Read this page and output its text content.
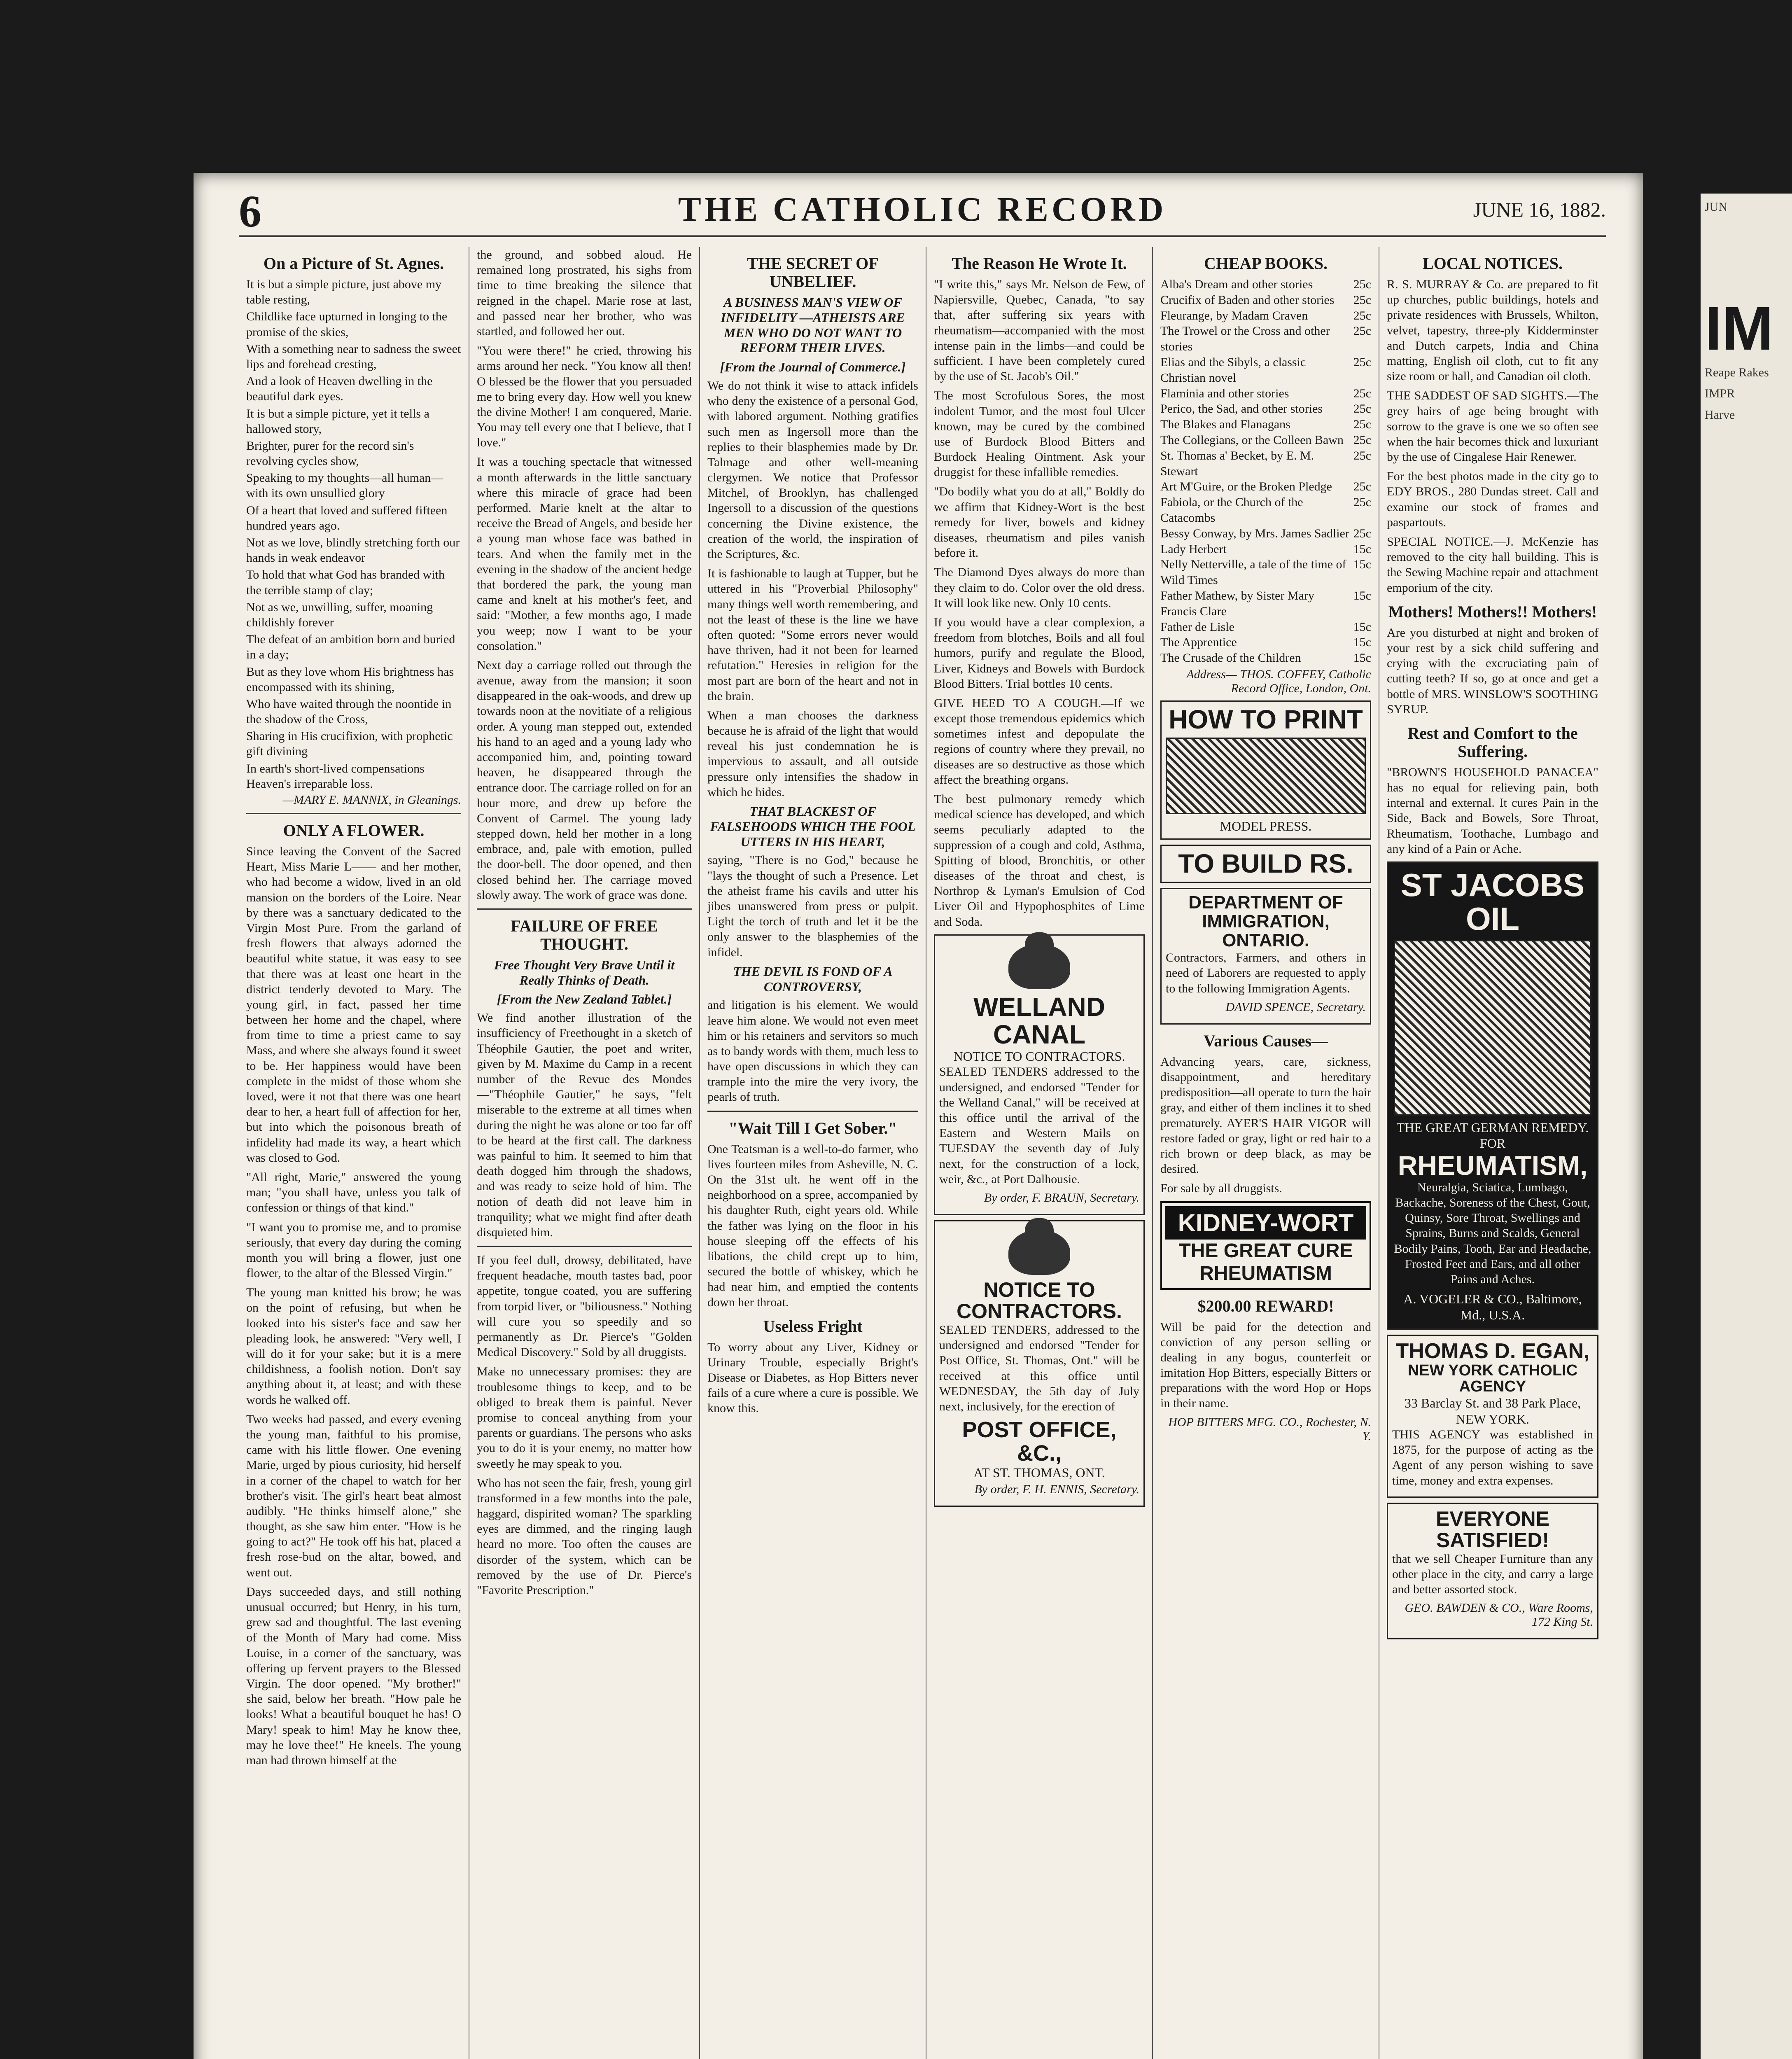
6	THE CATHOLIC RECORD	JUNE 16, 1882.
On a Picture of St. Agnes.

It is but a simple picture, just above my table resting,

Childlike face upturned in longing to the promise of the skies,

With a something near to sadness the sweet lips and forehead cresting,

And a look of Heaven dwelling in the beautiful dark eyes.

It is but a simple picture, yet it tells a hallowed story,

Brighter, purer for the record sin's revolving cycles show,

Speaking to my thoughts—all human—with its own unsullied glory

Of a heart that loved and suffered fifteen hundred years ago.

Not as we love, blindly stretching forth our hands in weak endeavor

To hold that what God has branded with the terrible stamp of clay;

Not as we, unwilling, suffer, moaning childishly forever

The defeat of an ambition born and buried in a day;

But as they love whom His brightness has encompassed with its shining,

Who have waited through the noontide in the shadow of the Cross,

Sharing in His crucifixion, with prophetic gift divining

In earth's short-lived compensations Heaven's irreparable loss.

—MARY E. MANNIX, in Gleanings.
ONLY A FLOWER.

Since leaving the Convent of the Sacred Heart, Miss Marie L—— and her mother, who had become a widow, lived in an old mansion on the borders of the Loire. Near by there was a sanctuary dedicated to the Virgin Most Pure. From the garland of fresh flowers that always adorned the beautiful white statue, it was easy to see that there was at least one heart in the district tenderly devoted to Mary. The young girl, in fact, passed her time between her home and the chapel, where from time to time a priest came to say Mass, and where she always found it sweet to be. Her happiness would have been complete in the midst of those whom she loved, were it not that there was one heart dear to her, a heart full of affection for her, but into which the poisonous breath of infidelity had made its way, a heart which was closed to God.

"All right, Marie," answered the young man; "you shall have, unless you talk of confession or things of that kind."

"I want you to promise me, and to promise seriously, that every day during the coming month you will bring a flower, just one flower, to the altar of the Blessed Virgin."

The young man knitted his brow; he was on the point of refusing, but when he looked into his sister's face and saw her pleading look, he answered: "Very well, I will do it for your sake; but it is a mere childishness, a foolish notion. Don't say anything about it, at least; and with these words he walked off.

Two weeks had passed, and every evening the young man, faithful to his promise, came with his little flower. One evening Marie, urged by pious curiosity, hid herself in a corner of the chapel to watch for her brother's visit. The girl's heart beat almost audibly. "He thinks himself alone," she thought, as she saw him enter. "How is he going to act?" He took off his hat, placed a fresh rose-bud on the altar, bowed, and went out.

Days succeeded days, and still nothing unusual occurred; but Henry, in his turn, grew sad and thoughtful. The last evening of the Month of Mary had come. Miss Louise, in a corner of the sanctuary, was offering up fervent prayers to the Blessed Virgin. The door opened. "My brother!" she said, below her breath. "How pale he looks! What a beautiful bouquet he has! O Mary! speak to him! May he know thee, may he love thee!" He kneels. The young man had thrown himself at the

the ground, and sobbed aloud. He remained long prostrated, his sighs from time to time breaking the silence that reigned in the chapel. Marie rose at last, and passed near her brother, who was startled, and followed her out.

"You were there!" he cried, throwing his arms around her neck. "You know all then! O blessed be the flower that you persuaded me to bring every day. How well you knew the divine Mother! I am conquered, Marie. You may tell every one that I believe, that I love."

It was a touching spectacle that witnessed a month afterwards in the little sanctuary where this miracle of grace had been performed. Marie knelt at the altar to receive the Bread of Angels, and beside her a young man whose face was bathed in tears. And when the family met in the evening in the shadow of the ancient hedge that bordered the park, the young man came and knelt at his mother's feet, and said: "Mother, a few months ago, I made you weep; now I want to be your consolation."

Next day a carriage rolled out through the avenue, away from the mansion; it soon disappeared in the oak-woods, and drew up towards noon at the novitiate of a religious order. A young man stepped out, extended his hand to an aged and a young lady who accompanied him, and, pointing toward heaven, he disappeared through the entrance door. The carriage rolled on for an hour more, and drew up before the Convent of Carmel. The young lady stepped down, held her mother in a long embrace, and, pale with emotion, pulled the door-bell. The door opened, and then closed behind her. The carriage moved slowly away. The work of grace was done.

FAILURE OF FREE THOUGHT.
Free Thought Very Brave Until it Really Thinks of Death.
[From the New Zealand Tablet.]

We find another illustration of the insufficiency of Freethought in a sketch of Théophile Gautier, the poet and writer, given by M. Maxime du Camp in a recent number of the Revue des Mondes—"Théophile Gautier," he says, "felt miserable to the extreme at all times when during the night he was alone or too far off to be heard at the first call. The darkness was painful to him. It seemed to him that death dogged him through the shadows, and was ready to seize hold of him. The notion of death did not leave him in tranquility; what we might find after death disquieted him.

If you feel dull, drowsy, debilitated, have frequent headache, mouth tastes bad, poor appetite, tongue coated, you are suffering from torpid liver, or "biliousness." Nothing will cure you so speedily and so permanently as Dr. Pierce's "Golden Medical Discovery." Sold by all druggists.

Make no unnecessary promises: they are troublesome things to keep, and to be obliged to break them is painful. Never promise to conceal anything from your parents or guardians. The persons who asks you to do it is your enemy, no matter how sweetly he may speak to you.

Who has not seen the fair, fresh, young girl transformed in a few months into the pale, haggard, dispirited woman? The sparkling eyes are dimmed, and the ringing laugh heard no more. Too often the causes are disorder of the system, which can be removed by the use of Dr. Pierce's "Favorite Prescription."

THE SECRET OF UNBELIEF.
A BUSINESS MAN'S VIEW OF INFIDELITY —ATHEISTS ARE MEN WHO DO NOT WANT TO REFORM THEIR LIVES.
[From the Journal of Commerce.]

We do not think it wise to attack infidels who deny the existence of a personal God, with labored argument. Nothing gratifies such men as Ingersoll more than the replies to their blasphemies made by Dr. Talmage and other well-meaning clergymen. We notice that Professor Mitchel, of Brooklyn, has challenged Ingersoll to a discussion of the questions concerning the Divine existence, the creation of the world, the inspiration of the Scriptures, &c.

It is fashionable to laugh at Tupper, but he uttered in his "Proverbial Philosophy" many things well worth remembering, and not the least of these is the line we have often quoted: "Some errors never would have thriven, had it not been for learned refutation." Heresies in religion for the most part are born of the heart and not in the brain.

When a man chooses the darkness because he is afraid of the light that would reveal his just condemnation he is impervious to assault, and all outside pressure only intensifies the shadow in which he hides.

THAT BLACKEST OF FALSEHOODS WHICH THE FOOL UTTERS IN HIS HEART,

saying, "There is no God," because he "lays the thought of such a Presence. Let the atheist frame his cavils and utter his jibes unanswered from press or pulpit. Light the torch of truth and let it be the only answer to the blasphemies of the infidel.

THE DEVIL IS FOND OF A CONTROVERSY,

and litigation is his element. We would leave him alone. We would not even meet him or his retainers and servitors so much as to bandy words with them, much less to have open discussions in which they can trample into the mire the very ivory, the pearls of truth.

"Wait Till I Get Sober."

One Teatsman is a well-to-do farmer, who lives fourteen miles from Asheville, N. C. On the 31st ult. he went off in the neighborhood on a spree, accompanied by his daughter Ruth, eight years old. While the father was lying on the floor in his house sleeping off the effects of his libations, the child crept up to him, secured the bottle of whiskey, which he had near him, and emptied the contents down her throat.

Useless Fright

To worry about any Liver, Kidney or Urinary Trouble, especially Bright's Disease or Diabetes, as Hop Bitters never fails of a cure where a cure is possible. We know this.

The Reason He Wrote It.

"I write this," says Mr. Nelson de Few, of Napiersville, Quebec, Canada, "to say that, after suffering six years with rheumatism—accompanied with the most intense pain in the limbs—and could be sufficient. I have been completely cured by the use of St. Jacob's Oil."

The most Scrofulous Sores, the most indolent Tumor, and the most foul Ulcer known, may be cured by the combined use of Burdock Blood Bitters and Burdock Healing Ointment. Ask your druggist for these infallible remedies.

"Do bodily what you do at all," Boldly do we affirm that Kidney-Wort is the best remedy for liver, bowels and kidney diseases, rheumatism and piles vanish before it.

The Diamond Dyes always do more than they claim to do. Color over the old dress. It will look like new. Only 10 cents.

If you would have a clear complexion, a freedom from blotches, Boils and all foul humors, purify and regulate the Blood, Liver, Kidneys and Bowels with Burdock Blood Bitters. Trial bottles 10 cents.

GIVE HEED TO A COUGH.—If we except those tremendous epidemics which sometimes infest and depopulate the regions of country where they prevail, no diseases are so destructive as those which affect the breathing organs.

The best pulmonary remedy which medical science has developed, and which seems peculiarly adapted to the suppression of a cough and cold, Asthma, Spitting of blood, Bronchitis, or other diseases of the throat and chest, is Northrop & Lyman's Emulsion of Cod Liver Oil and Hypophosphites of Lime and Soda.

WELLAND CANAL
NOTICE TO CONTRACTORS.

SEALED TENDERS addressed to the undersigned, and endorsed "Tender for the Welland Canal," will be received at this office until the arrival of the Eastern and Western Mails on TUESDAY the seventh day of July next, for the construction of a lock, weir, &c., at Port Dalhousie.

By order, F. BRAUN, Secretary.
NOTICE TO CONTRACTORS.

SEALED TENDERS, addressed to the undersigned and endorsed "Tender for Post Office, St. Thomas, Ont." will be received at this office until WEDNESDAY, the 5th day of July next, inclusively, for the erection of

POST OFFICE, &C.,
AT ST. THOMAS, ONT.
By order, F. H. ENNIS, Secretary.
CHEAP BOOKS.
Alba's Dream and other stories	25c
Crucifix of Baden and other stories 25c
Fleurange, by Madam Craven	25c
The Trowel or the Cross and other stories
25c
Elias and the Sibyls, a classic Christian novel
25c
Flaminia and other stories	25c
Perico, the Sad, and other stories 25c
The Blakes and Flanagans	25c
The Collegians, or the Colleen Bawn 25c
St. Thomas a' Becket, by E. M. Stewart
25c
Art M'Guire, or the Broken Pledge 25c
Fabiola, or the Church of the Catacombs
25c
Bessy Conway, by Mrs. James Sadlier 25c
Lady Herbert	15c
Nelly Netterville, a tale of the time of Wild Times
15c
Father Mathew, by Sister Mary Francis Clare
15c
Father de Lisle	15c
The Apprentice	15c
The Crusade of the Children	15c
Address— THOS. COFFEY, Catholic Record Office, London, Ont.
HOW TO PRINT
MODEL PRESS.
TO BUILD RS.
DEPARTMENT OF IMMIGRATION, ONTARIO.

Contractors, Farmers, and others in need of Laborers are requested to apply to the following Immigration Agents.

DAVID SPENCE, Secretary.
Various Causes—

Advancing years, care, sickness, disappointment, and hereditary predisposition—all operate to turn the hair gray, and either of them inclines it to shed prematurely. AYER'S HAIR VIGOR will restore faded or gray, light or red hair to a rich brown or deep black, as may be desired.

For sale by all druggists.

KIDNEY-WORT
THE GREAT CURE
RHEUMATISM
$200.00 REWARD!

Will be paid for the detection and conviction of any person selling or dealing in any bogus, counterfeit or imitation Hop Bitters, especially Bitters or preparations with the word Hop or Hops in their name.

HOP BITTERS MFG. CO., Rochester, N. Y.
LOCAL NOTICES.

R. S. MURRAY & Co. are prepared to fit up churches, public buildings, hotels and private residences with Brussels, Whilton, velvet, tapestry, three-ply Kidderminster and Dutch carpets, India and China matting, English oil cloth, cut to fit any size room or hall, and Canadian oil cloth.

THE SADDEST OF SAD SIGHTS.—The grey hairs of age being brought with sorrow to the grave is one we so often see when the hair becomes thick and luxuriant by the use of Cingalese Hair Renewer.

For the best photos made in the city go to EDY BROS., 280 Dundas street. Call and examine our stock of frames and paspartouts.

SPECIAL NOTICE.—J. McKenzie has removed to the city hall building. This is the Sewing Machine repair and attachment emporium of the city.

Mothers! Mothers!! Mothers!

Are you disturbed at night and broken of your rest by a sick child suffering and crying with the excruciating pain of cutting teeth? If so, go at once and get a bottle of MRS. WINSLOW'S SOOTHING SYRUP.

Rest and Comfort to the Suffering.

"BROWN'S HOUSEHOLD PANACEA" has no equal for relieving pain, both internal and external. It cures Pain in the Side, Back and Bowels, Sore Throat, Rheumatism, Toothache, Lumbago and any kind of a Pain or Ache.

ST JACOBS OIL
THE GREAT GERMAN REMEDY.
FOR
RHEUMATISM,

Neuralgia, Sciatica, Lumbago, Backache, Soreness of the Chest, Gout, Quinsy, Sore Throat, Swellings and Sprains, Burns and Scalds, General Bodily Pains, Tooth, Ear and Headache, Frosted Feet and Ears, and all other Pains and Aches.

A. VOGELER & CO., Baltimore, Md., U.S.A.
THOMAS D. EGAN,
NEW YORK CATHOLIC AGENCY
33 Barclay St. and 38 Park Place, NEW YORK.

THIS AGENCY was established in 1875, for the purpose of acting as the Agent of any person wishing to save time, money and extra expenses.

EVERYONE SATISFIED!

that we sell Cheaper Furniture than any other place in the city, and carry a large and better assorted stock.

GEO. BAWDEN & CO., Ware Rooms, 172 King St.
JUN
IM
Reape Rakes
IMPR
Harve
